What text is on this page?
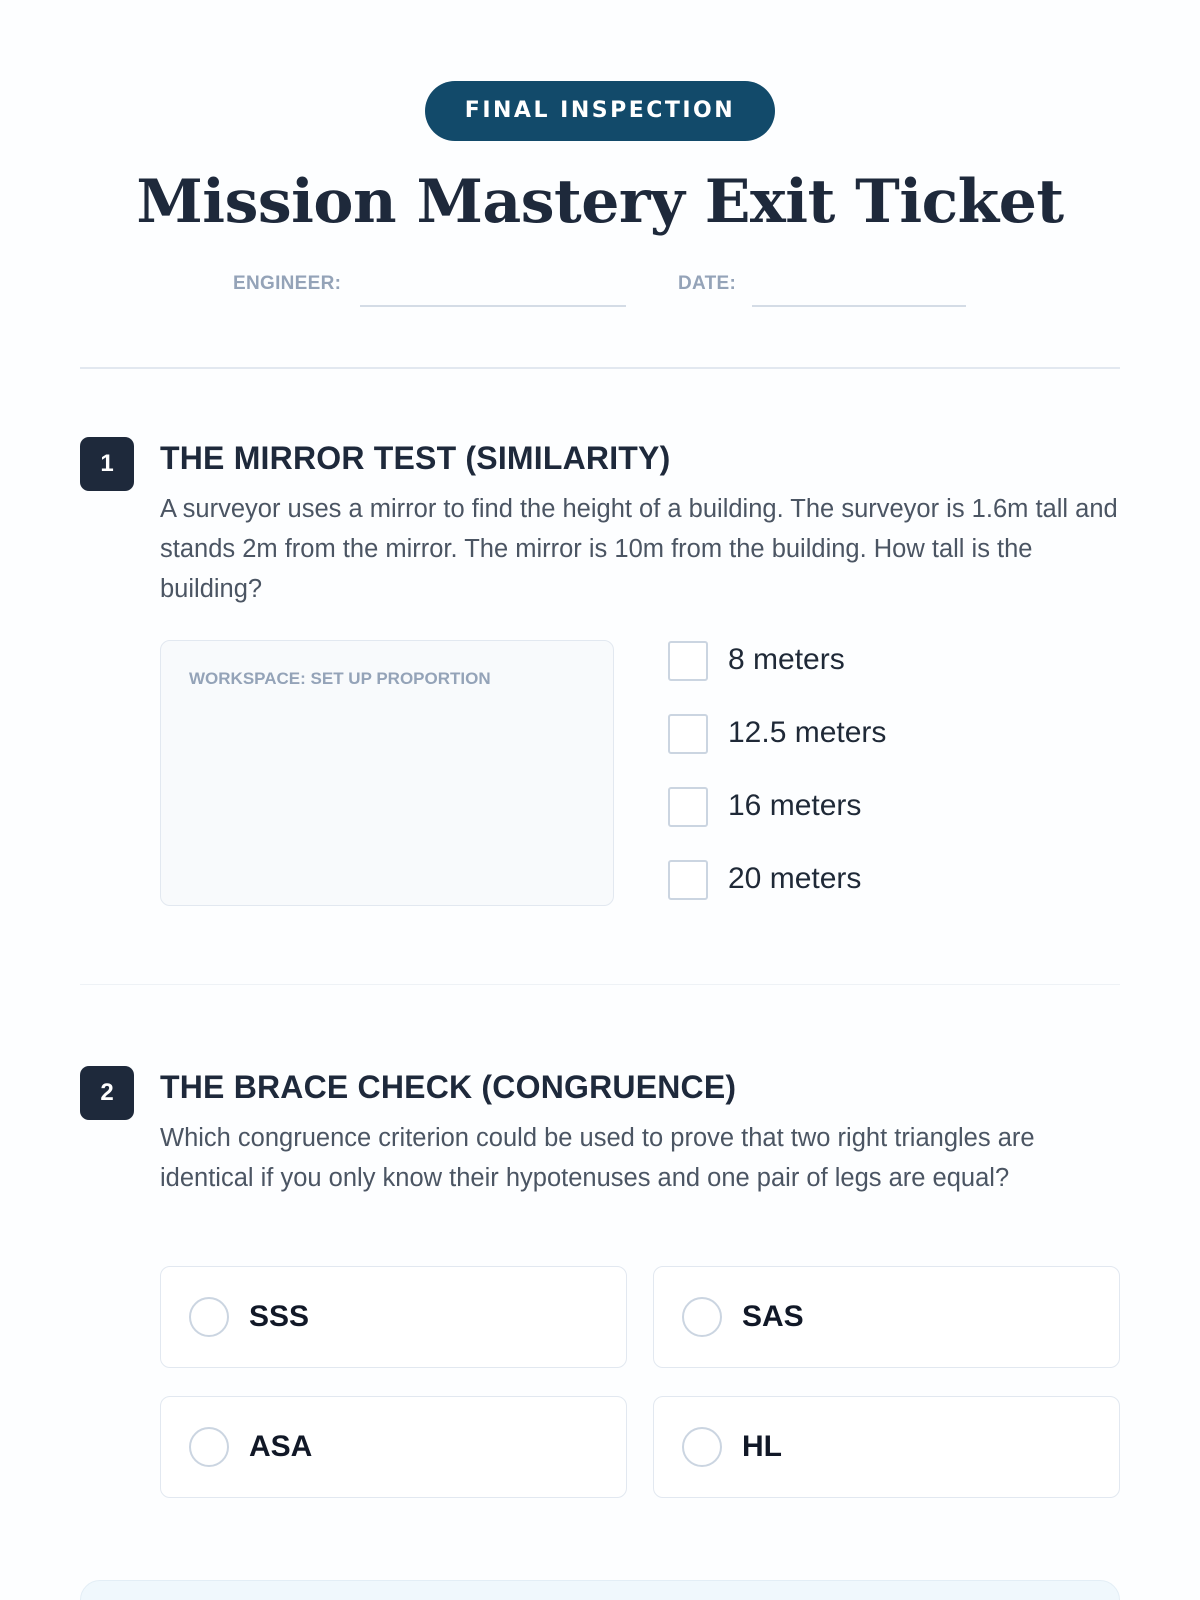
FINAL INSPECTION
Mission Mastery Exit Ticket
ENGINEER:	DATE:
1	THE MIRROR TEST (SIMILARITY)
A surveyor uses a mirror to find the height of a building. The surveyor is 1.6m tall and stands 2m from the mirror. The mirror is 10m from the building. How tall is the building?
WORKSPACE: SET UP PROPORTION
8 meters
12.5 meters
16 meters
20 meters
2	THE BRACE CHECK (CONGRUENCE)
Which congruence criterion could be used to prove that two right triangles are identical if you only know their hypotenuses and one pair of legs are equal?
SSS	SAS
ASA	HL
